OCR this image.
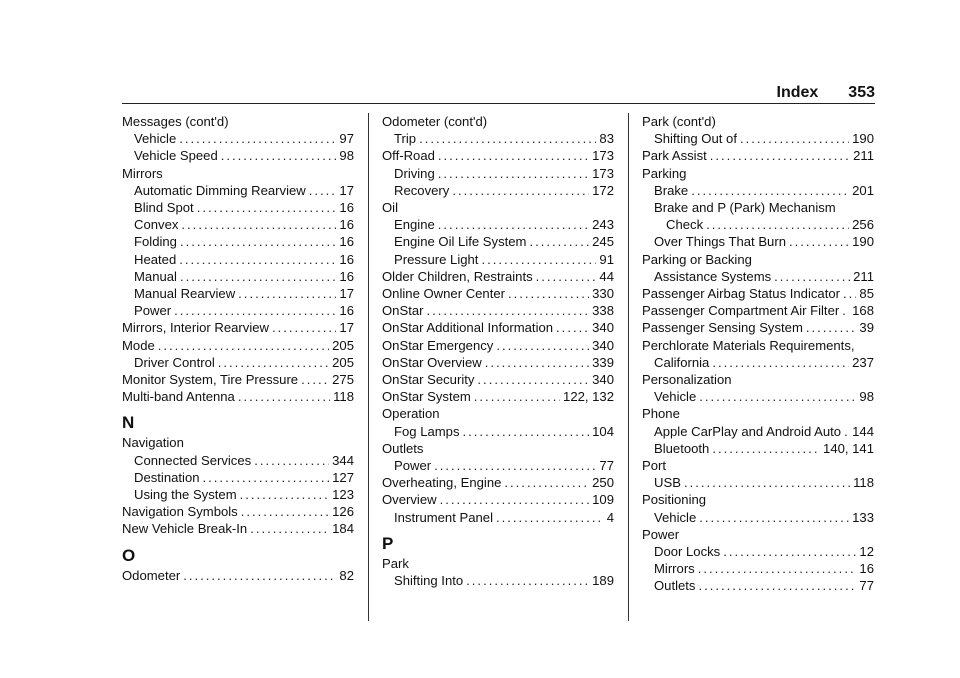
Index 353
Messages (cont'd)
Vehicle .....	97
Vehicle Speed .....	98
Mirrors
Automatic Dimming Rearview .....	17
Blind Spot .....	16
Convex .....	16
Folding .....	16
Heated .....	16
Manual .....	16
Manual Rearview .....	17
Power .....	16
Mirrors, Interior Rearview .....	17
Mode .....	205
Driver Control .....	205
Monitor System, Tire Pressure .....	275
Multi-band Antenna .....	118
N
Navigation
Connected Services .....	344
Destination .....	127
Using the System .....	123
Navigation Symbols .....	126
New Vehicle Break-In .....	184
O
Odometer .....	82
Odometer (cont'd)
Trip .....	83
Off-Road .....	173
Driving .....	173
Recovery .....	172
Oil
Engine .....	243
Engine Oil Life System .....	245
Pressure Light .....	91
Older Children, Restraints .....	44
Online Owner Center .....	330
OnStar .....	338
OnStar Additional Information .....	340
OnStar Emergency .....	340
OnStar Overview .....	339
OnStar Security .....	340
OnStar System .....	122, 132
Operation
Fog Lamps .....	104
Outlets
Power .....	77
Overheating, Engine .....	250
Overview .....	109
Instrument Panel .....	4
P
Park
Shifting Into .....	189
Park (cont'd)
Shifting Out of .....	190
Park Assist .....	211
Parking
Brake .....	201
Brake and P (Park) Mechanism
Check .....	256
Over Things That Burn .....	190
Parking or Backing
Assistance Systems .....	211
Passenger Airbag Status Indicator ..... 85
Passenger Compartment Air Filter ..... 168
Passenger Sensing System .....	39
Perchlorate Materials Requirements,
California .....	237
Personalization
Vehicle .....	98
Phone
Apple CarPlay and Android Auto ..... 144
Bluetooth .....	140, 141
Port
USB .....	118
Positioning
Vehicle .....	133
Power
Door Locks .....	12
Mirrors .....	16
Outlets .....	77
